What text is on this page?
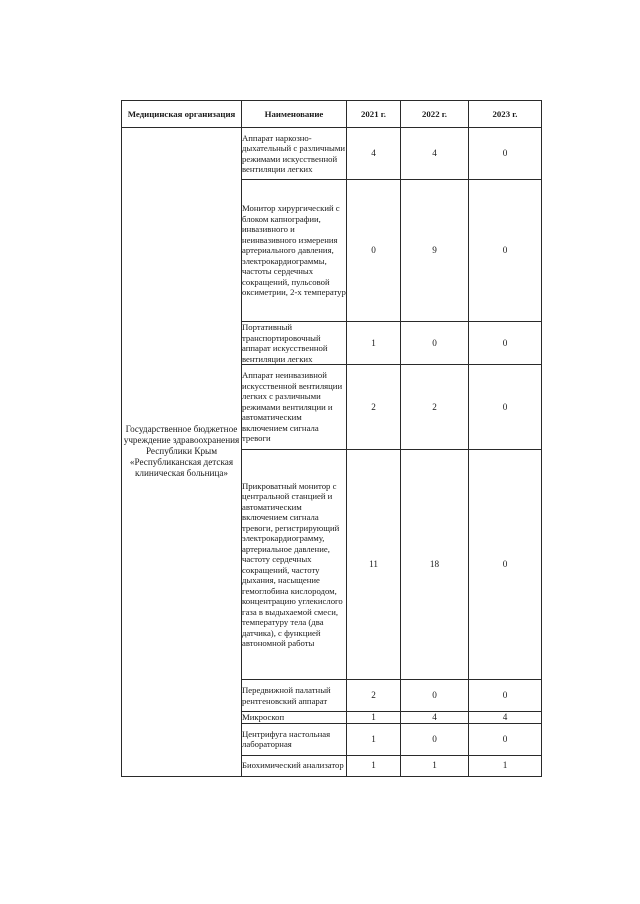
Медицинская организация	Наименование	2021 г.	2022 г.	2023 г.
Государственное бюджетное учреждение здравоохранения Республики Крым «Республиканская детская клиническая больница»	Аппарат наркозно-дыхательный с различными режимами искусственной вентиляции легких	4	4	0
	Монитор хирургический с блоком капнографии, инвазивного и неинвазивного измерения артериального давления, электрокардиограммы, частоты сердечных сокращений, пульсовой оксиметрии, 2-х температур	0	9	0
	Портативный транспортировочный аппарат искусственной вентиляции легких	1	0	0
	Аппарат неинвазивной искусственной вентиляции легких с различными режимами вентиляции и автоматическим включением сигнала тревоги	2	2	0
	Прикроватный монитор с центральной станцией и автоматическим включением сигнала тревоги, регистрирующий электрокардиограмму, артериальное давление, частоту сердечных сокращений, частоту дыхания, насыщение гемоглобина кислородом, концентрацию углекислого газа в выдыхаемой смеси, температуру тела (два датчика), с функцией автономной работы	11	18	0
	Передвижной палатный рентгеновский аппарат	2	0	0
	Микроскоп	1	4	4
	Центрифуга настольная лабораторная	1	0	0
	Биохимический анализатор	1	1	1
